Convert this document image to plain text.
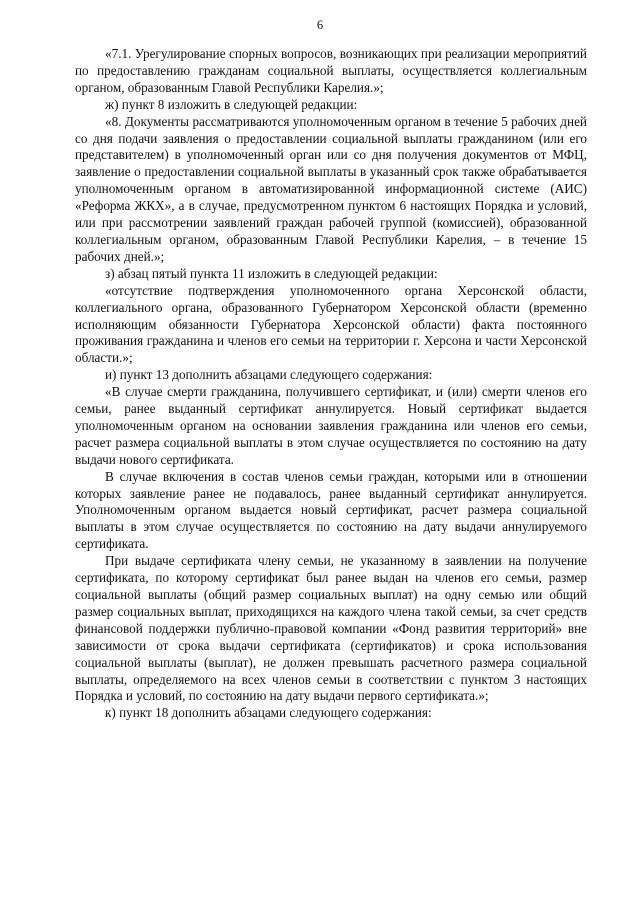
6

«7.1. Урегулирование спорных вопросов, возникающих при реализации мероприятий по предоставлению гражданам социальной выплаты, осуществляется коллегиальным органом, образованным Главой Республики Карелия.»;

ж) пункт 8 изложить в следующей редакции:

«8. Документы рассматриваются уполномоченным органом в течение 5 рабочих дней со дня подачи заявления о предоставлении социальной выплаты гражданином (или его представителем) в уполномоченный орган или со дня получения документов от МФЦ, заявление о предоставлении социальной выплаты в указанный срок также обрабатывается уполномоченным органом в автоматизированной информационной системе (АИС) «Реформа ЖКХ», а в случае, предусмотренном пунктом 6 настоящих Порядка и условий, или при рассмотрении заявлений граждан рабочей группой (комиссией), образованной коллегиальным органом, образованным Главой Республики Карелия, – в течение 15 рабочих дней.»;

з) абзац пятый пункта 11 изложить в следующей редакции:

«отсутствие подтверждения уполномоченного органа Херсонской области, коллегиального органа, образованного Губернатором Херсонской области (временно исполняющим обязанности Губернатора Херсонской области) факта постоянного проживания гражданина и членов его семьи на территории г. Херсона и части Херсонской области.»;

и) пункт 13 дополнить абзацами следующего содержания:

«В случае смерти гражданина, получившего сертификат, и (или) смерти членов его семьи, ранее выданный сертификат аннулируется. Новый сертификат выдается уполномоченным органом на основании заявления гражданина или членов его семьи, расчет размера социальной выплаты в этом случае осуществляется по состоянию на дату выдачи нового сертификата.

В случае включения в состав членов семьи граждан, которыми или в отношении которых заявление ранее не подавалось, ранее выданный сертификат аннулируется. Уполномоченным органом выдается новый сертификат, расчет размера социальной выплаты в этом случае осуществляется по состоянию на дату выдачи аннулируемого сертификата.

При выдаче сертификата члену семьи, не указанному в заявлении на получение сертификата, по которому сертификат был ранее выдан на членов его семьи, размер социальной выплаты (общий размер социальных выплат) на одну семью или общий размер социальных выплат, приходящихся на каждого члена такой семьи, за счет средств финансовой поддержки публично-правовой компании «Фонд развития территорий» вне зависимости от срока выдачи сертификата (сертификатов) и срока использования социальной выплаты (выплат), не должен превышать расчетного размера социальной выплаты, определяемого на всех членов семьи в соответствии с пунктом 3 настоящих Порядка и условий, по состоянию на дату выдачи первого сертификата.»;

к) пункт 18 дополнить абзацами следующего содержания:
